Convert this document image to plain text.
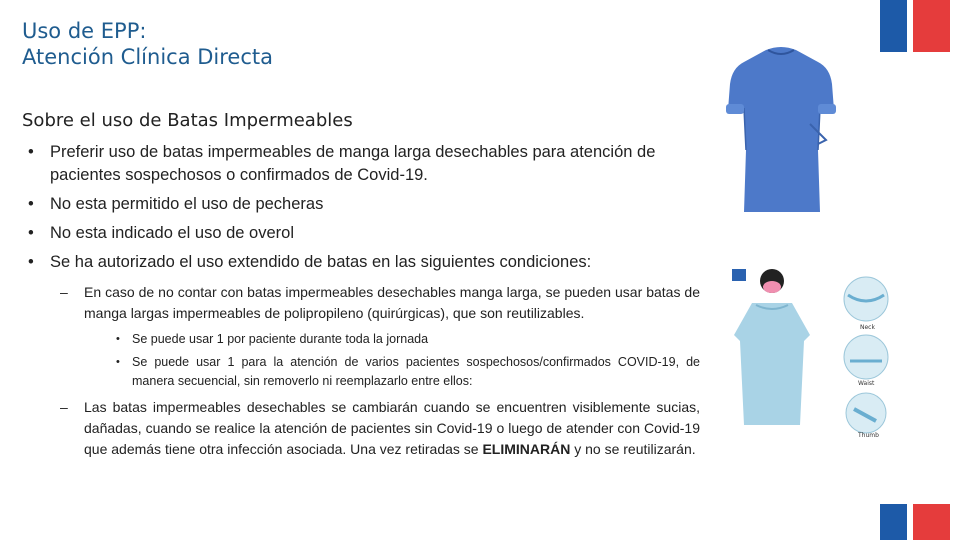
Uso de EPP:
Atención Clínica Directa
Sobre el uso de Batas Impermeables
• Preferir uso de batas impermeables de manga larga desechables para atención de pacientes sospechosos o confirmados de Covid-19.
• No esta permitido el uso de pecheras
• No esta indicado el uso de overol
• Se ha autorizado el uso extendido de batas en las siguientes condiciones:
– En caso de no contar con batas impermeables desechables manga larga, se pueden usar batas de manga largas impermeables de polipropileno (quirúrgicas), que son reutilizables.
• Se puede usar 1 por paciente durante toda la jornada
• Se puede usar 1 para la atención de varios pacientes sospechosos/confirmados COVID-19, de manera secuencial, sin removerlo ni reemplazarlo entre ellos:
– Las batas impermeables desechables se cambiarán cuando se encuentren visiblemente sucias, dañadas, cuando se realice la atención de pacientes sin Covid-19 o luego de atender con Covid-19 que además tiene otra infección asociada. Una vez retiradas se ELIMINARÁN y no se reutilizarán.
Neck
Waist
Thumb
